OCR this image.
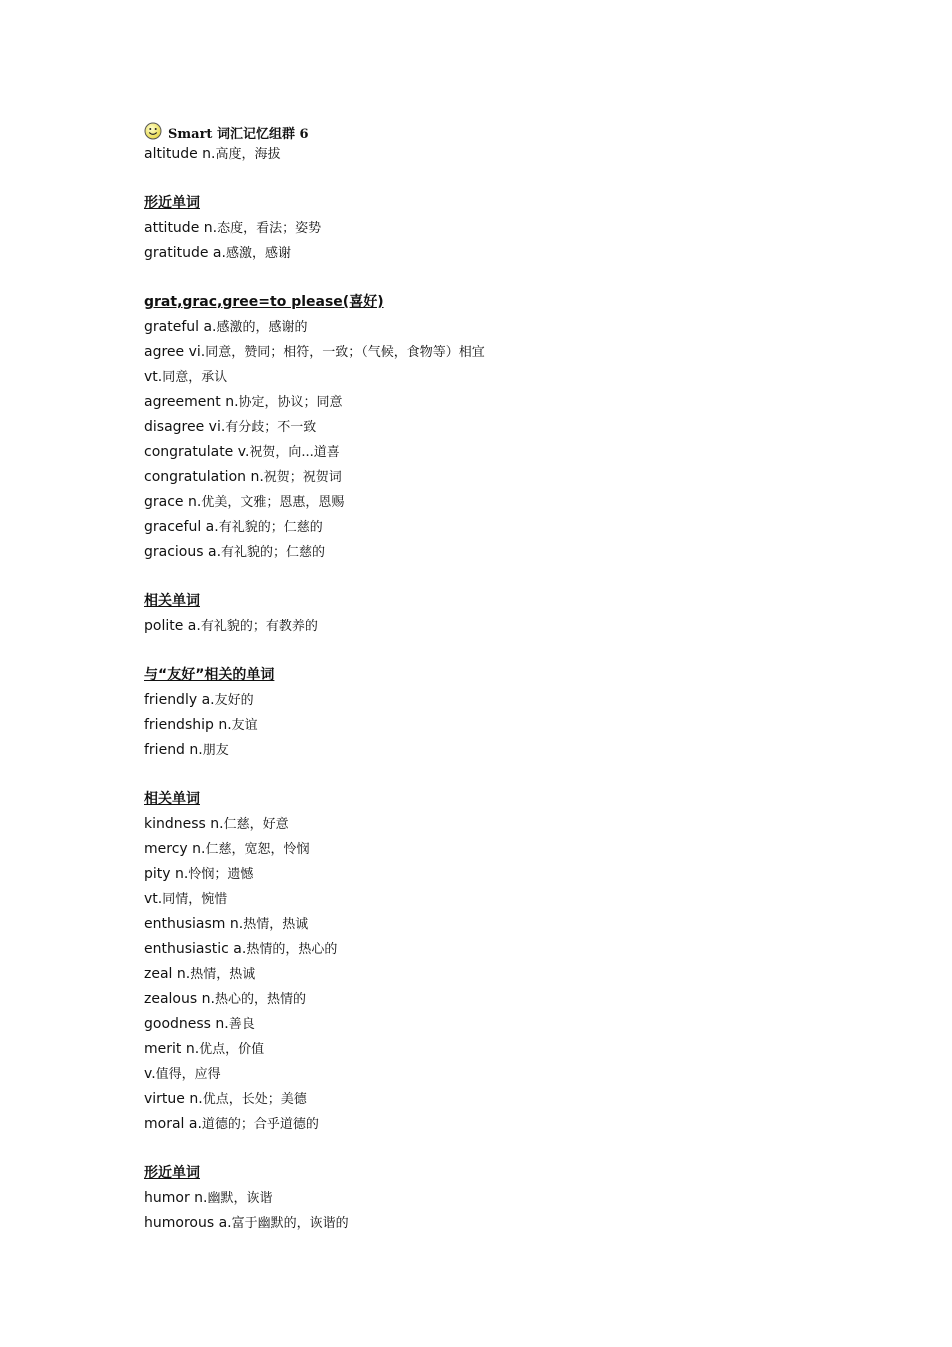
Smart 词汇记忆组群 6
altitude n.高度，海拔
形近单词
attitude n.态度，看法；姿势
gratitude a.感激，感谢
grat,grac,gree=to please(喜好)
grateful a.感激的，感谢的
agree vi.同意，赞同；相符，一致；（气候，食物等）相宜
vt.同意，承认
agreement n.协定，协议；同意
disagree vi.有分歧；不一致
congratulate v.祝贺，向...道喜
congratulation n.祝贺；祝贺词
grace n.优美，文雅；恩惠，恩赐
graceful a.有礼貌的；仁慈的
gracious a.有礼貌的；仁慈的
相关单词
polite a.有礼貌的；有教养的
与“友好”相关的单词
friendly a.友好的
friendship n.友谊
friend n.朋友
相关单词
kindness n.仁慈，好意
mercy n.仁慈，宽恕，怜悯
pity n.怜悯；遗憾
vt.同情，惋惜
enthusiasm n.热情，热诚
enthusiastic a.热情的，热心的
zeal n.热情，热诚
zealous n.热心的，热情的
goodness n.善良
merit n.优点，价值
v.值得，应得
virtue n.优点，长处；美德
moral a.道德的；合乎道德的
形近单词
humor n.幽默，诙谐
humorous a.富于幽默的，诙谐的
